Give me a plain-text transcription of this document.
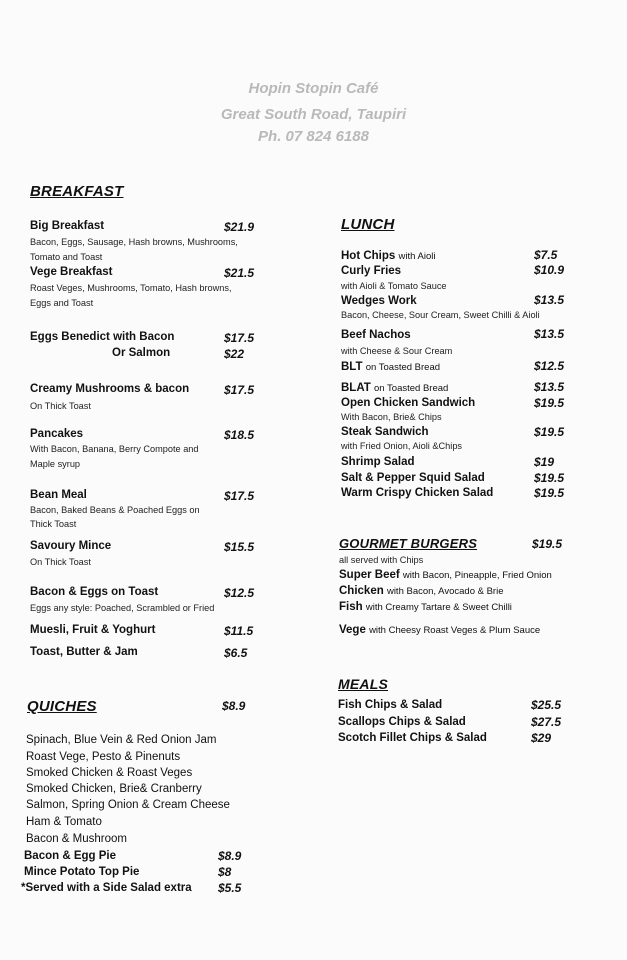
Hopin Stopin Café
Great South Road, Taupiri
Ph. 07 824 6188
BREAKFAST
Big Breakfast	$21.9
Bacon, Eggs, Sausage, Hash browns, Mushrooms,
Tomato and Toast
Vege Breakfast	$21.5
Roast Veges, Mushrooms, Tomato, Hash browns,
Eggs and Toast
Eggs Benedict with Bacon	$17.5
Or Salmon	$22
Creamy Mushrooms & bacon	$17.5
On Thick Toast
Pancakes	$18.5
With Bacon, Banana, Berry Compote and
Maple syrup
Bean Meal	$17.5
Bacon, Baked Beans & Poached Eggs on
Thick Toast
Savoury Mince	$15.5
On Thick Toast
Bacon & Eggs on Toast	$12.5
Eggs any style: Poached, Scrambled or Fried
Muesli, Fruit & Yoghurt	$11.5
Toast, Butter & Jam	$6.5
QUICHES	$8.9
Spinach, Blue Vein & Red Onion Jam
Roast Vege, Pesto & Pinenuts
Smoked Chicken & Roast Veges
Smoked Chicken, Brie& Cranberry
Salmon, Spring Onion & Cream Cheese
Ham & Tomato
Bacon & Mushroom
Bacon & Egg Pie	$8.9
Mince Potato Top Pie	$8
*Served with a Side Salad extra $5.5
LUNCH
Hot Chips with Aioli	$7.5
Curly Fries	$10.9
with Aioli & Tomato Sauce
Wedges Work	$13.5
Bacon, Cheese, Sour Cream, Sweet Chilli & Aioli
Beef Nachos	$13.5
with Cheese & Sour Cream
BLT on Toasted Bread	$12.5
BLAT on Toasted Bread	$13.5
Open Chicken Sandwich	$19.5
With Bacon, Brie& Chips
Steak Sandwich	$19.5
with Fried Onion, Aioli &Chips
Shrimp Salad	$19
Salt & Pepper Squid Salad	$19.5
Warm Crispy Chicken Salad	$19.5
GOURMET BURGERS	$19.5
all served with Chips
Super Beef with Bacon, Pineapple, Fried Onion
Chicken with Bacon, Avocado & Brie
Fish with Creamy Tartare & Sweet Chilli
Vege with Cheesy Roast Veges & Plum Sauce
MEALS
Fish Chips & Salad	$25.5
Scallops Chips & Salad	$27.5
Scotch Fillet Chips & Salad	$29
